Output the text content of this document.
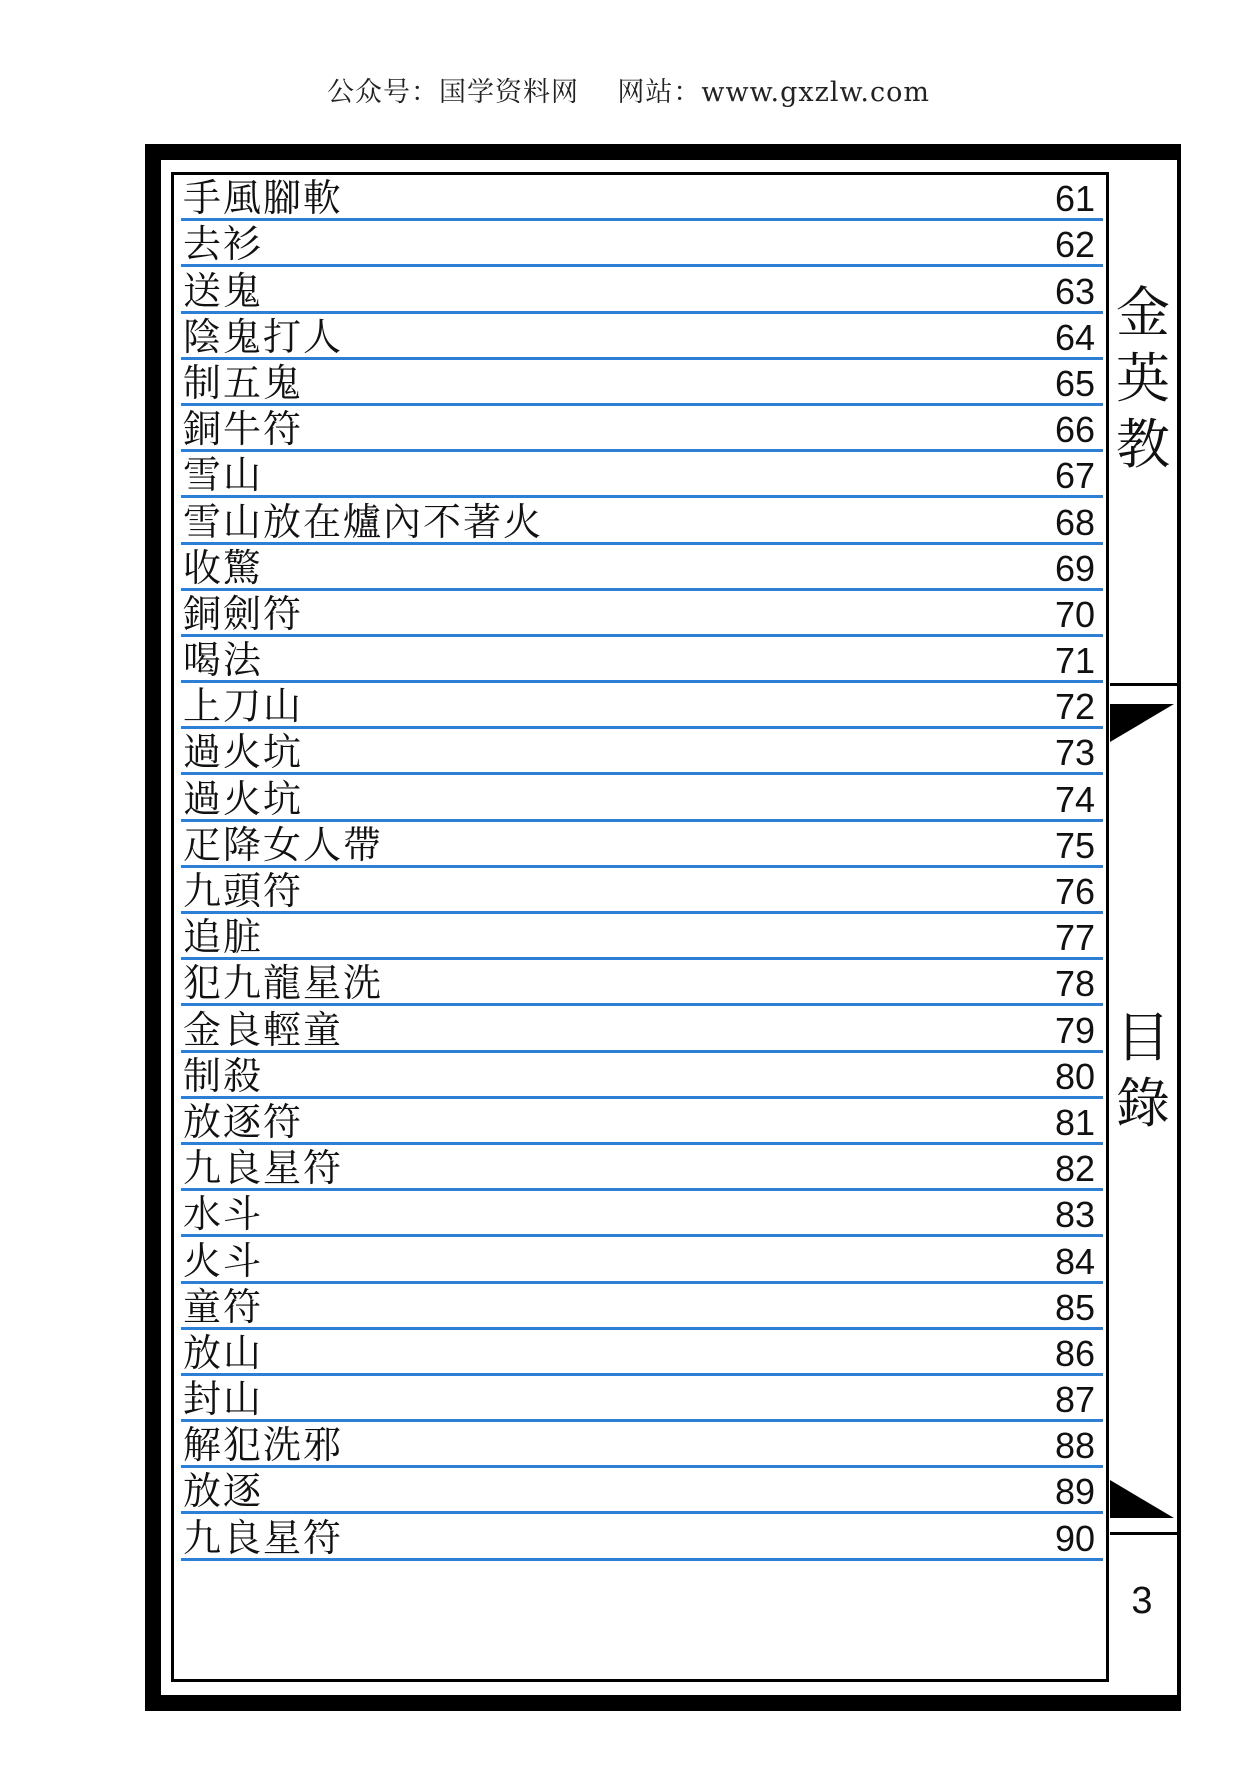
公众号：国学资料网 网站：www.gxzlw.com
手風腳軟	61
去衫	62
送鬼	63
陰鬼打人	64
制五鬼	65
銅牛符	66
雪山	67
雪山放在爐內不著火	68
收驚	69
銅劍符	70
喝法	71
上刀山	72
過火坑	73
過火坑	74
疋降女人帶	75
九頭符	76
追脏	77
犯九龍星洗	78
金良輕童	79
制殺	80
放逐符	81
九良星符	82
水斗	83
火斗	84
童符	85
放山	86
封山	87
解犯洗邪	88
放逐	89
九良星符	90
金
英
教
目
錄
3
